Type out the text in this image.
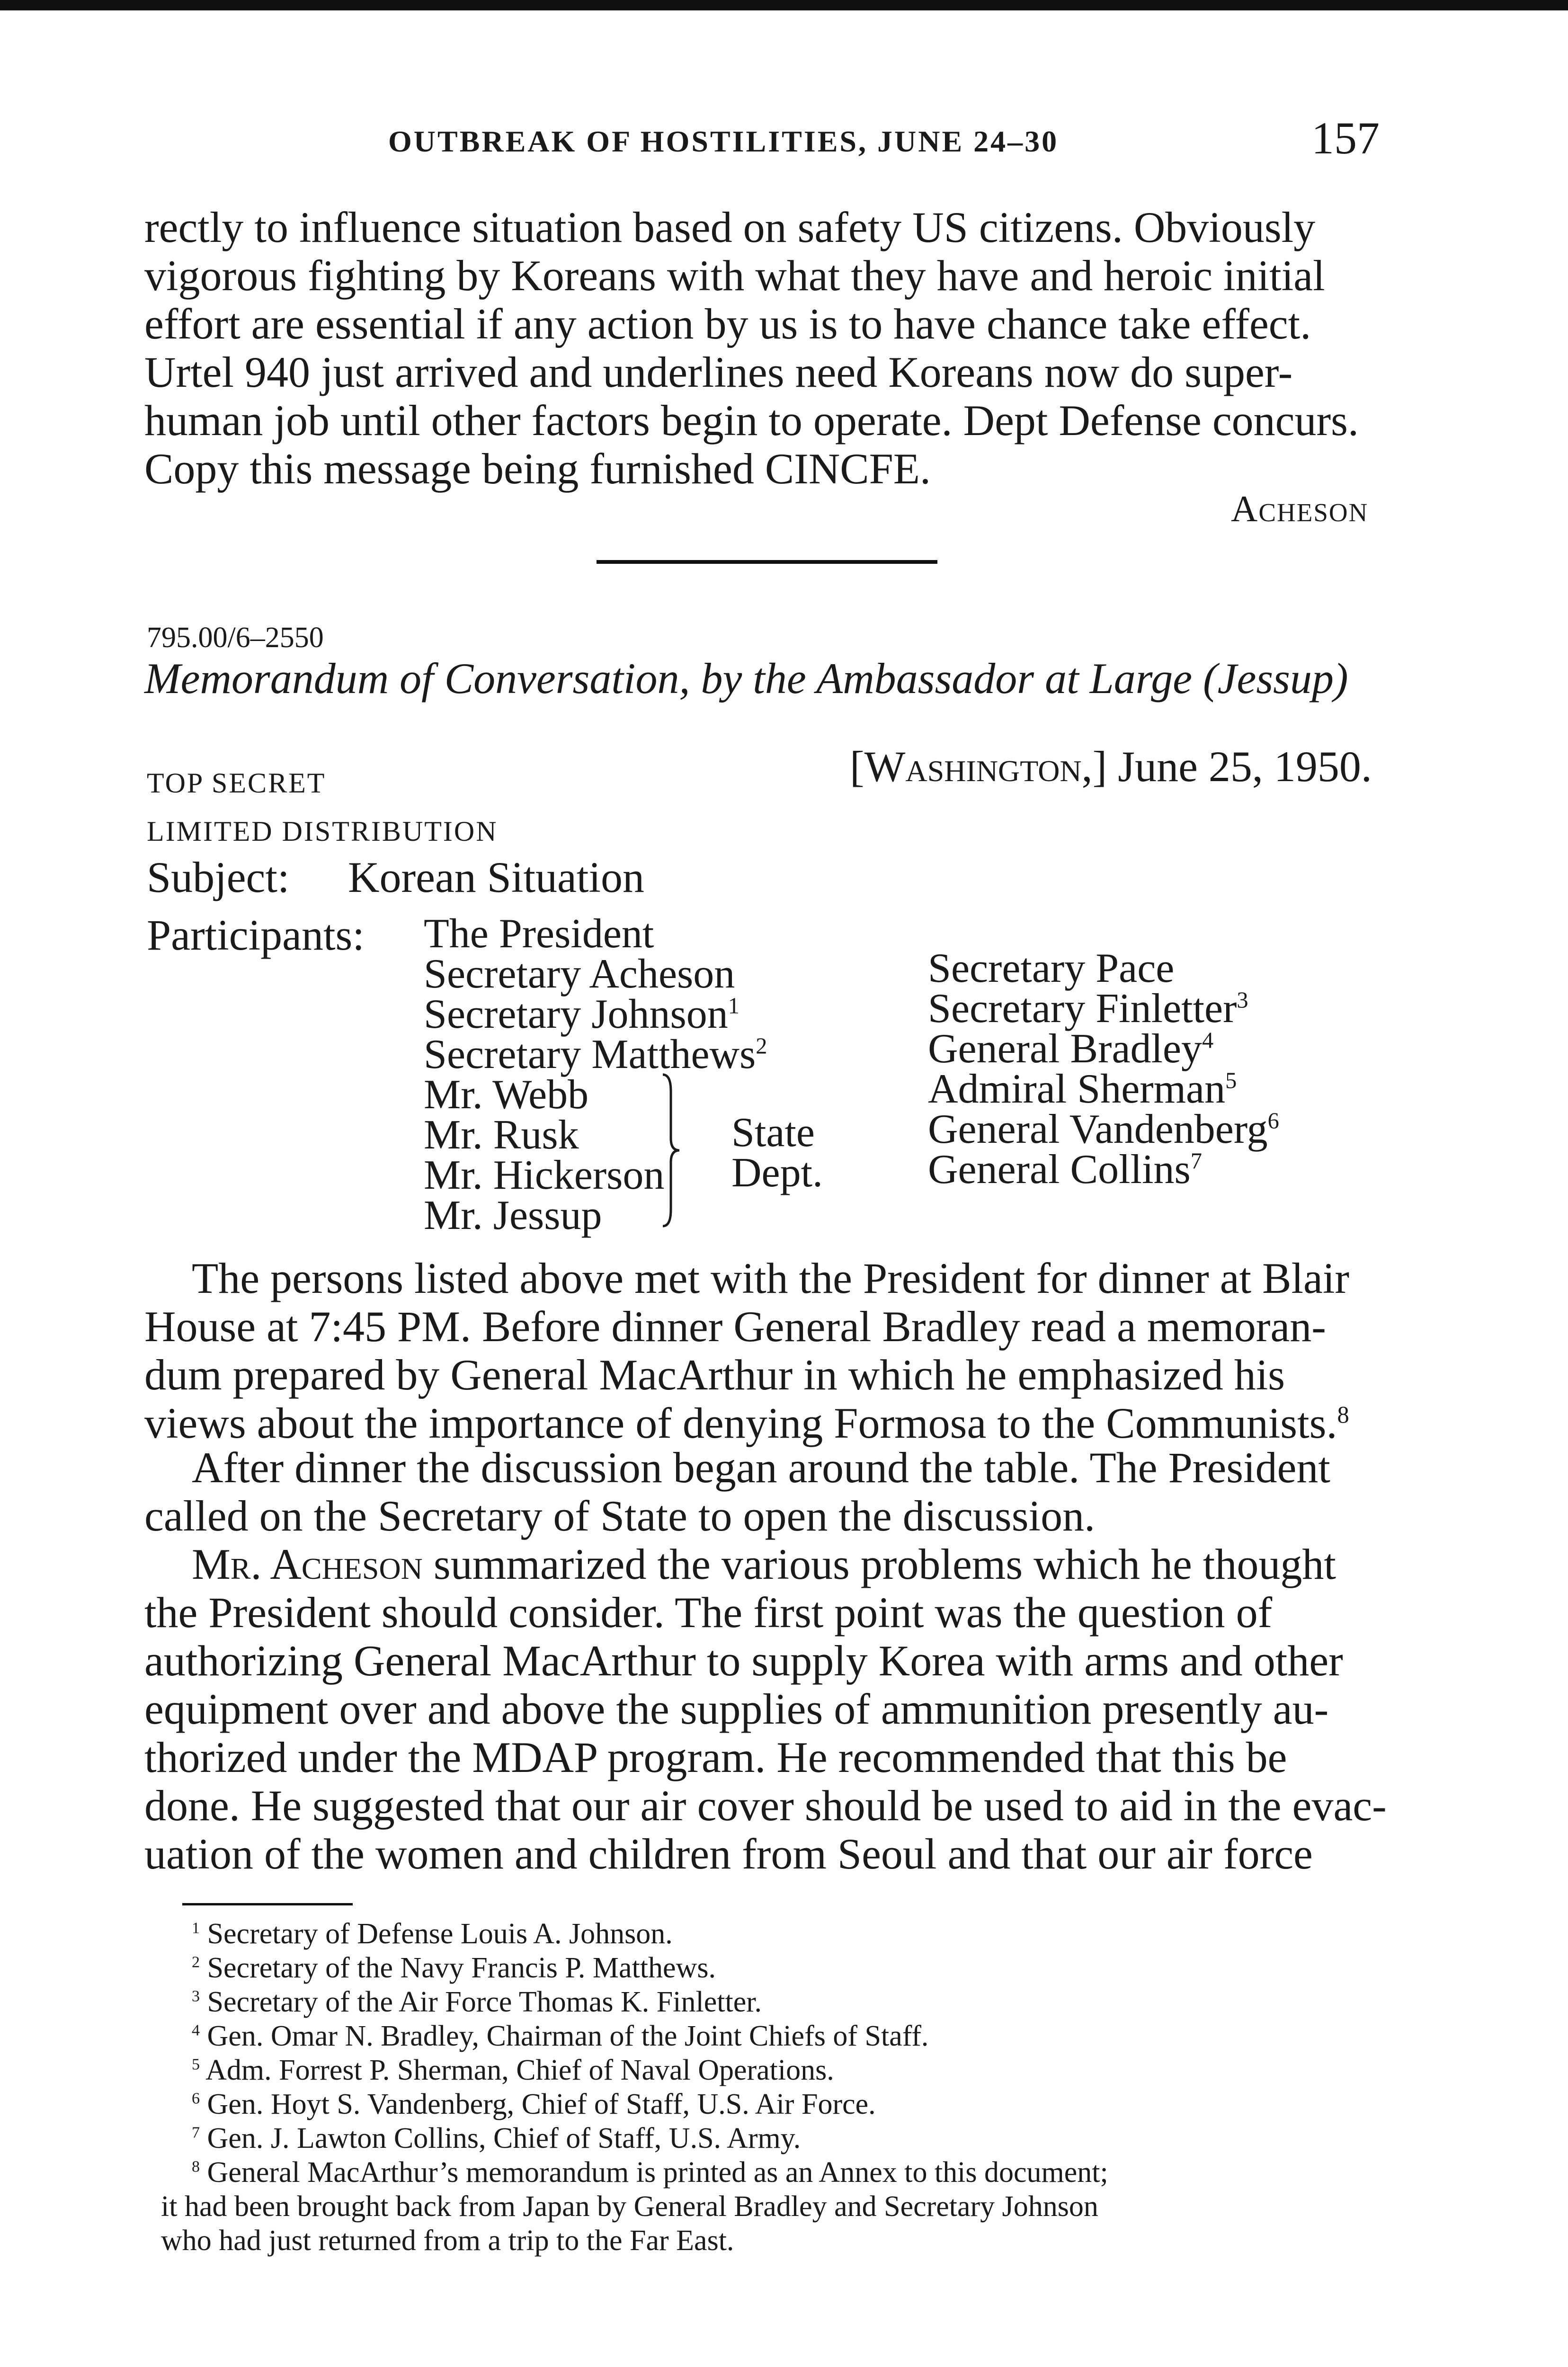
OUTBREAK OF HOSTILITIES, JUNE 24–30	157
rectly to influence situation based on safety US citizens. Obviously
vigorous fighting by Koreans with what they have and heroic initial
effort are essential if any action by us is to have chance take effect.
Urtel 940 just arrived and underlines need Koreans now do super-
human job until other factors begin to operate. Dept Defense concurs.
Copy this message being furnished CINCFE.
Acheson
795.00/6–2550
Memorandum of Conversation, by the Ambassador at Large (Jessup)
TOP SECRET	[Washington,] June 25, 1950.
LIMITED DISTRIBUTION
Subject: Korean Situation
Participants: The President
Secretary Acheson
Secretary Johnson$^1$
Secretary Matthews$^2$
Mr. Webb
Mr. Rusk
Mr. Hickerson
Mr. Jessup
State
Dept.
Secretary Pace
Secretary Finletter$^3$
General Bradley$^4$
Admiral Sherman$^5$
General Vandenberg$^6$
General Collins$^7$
The persons listed above met with the President for dinner at Blair
House at 7:45 PM. Before dinner General Bradley read a memoran-
dum prepared by General MacArthur in which he emphasized his
views about the importance of denying Formosa to the Communists.$^8$
After dinner the discussion began around the table. The President
called on the Secretary of State to open the discussion.
Mr. Acheson summarized the various problems which he thought
the President should consider. The first point was the question of
authorizing General MacArthur to supply Korea with arms and other
equipment over and above the supplies of ammunition presently au-
thorized under the MDAP program. He recommended that this be
done. He suggested that our air cover should be used to aid in the evac-
uation of the women and children from Seoul and that our air force
$^1$ Secretary of Defense Louis A. Johnson.
$^2$ Secretary of the Navy Francis P. Matthews.
$^3$ Secretary of the Air Force Thomas K. Finletter.
$^4$ Gen. Omar N. Bradley, Chairman of the Joint Chiefs of Staff.
$^5$ Adm. Forrest P. Sherman, Chief of Naval Operations.
$^6$ Gen. Hoyt S. Vandenberg, Chief of Staff, U.S. Air Force.
$^7$ Gen. J. Lawton Collins, Chief of Staff, U.S. Army.
$^8$ General MacArthur’s memorandum is printed as an Annex to this document;
it had been brought back from Japan by General Bradley and Secretary Johnson
who had just returned from a trip to the Far East.
